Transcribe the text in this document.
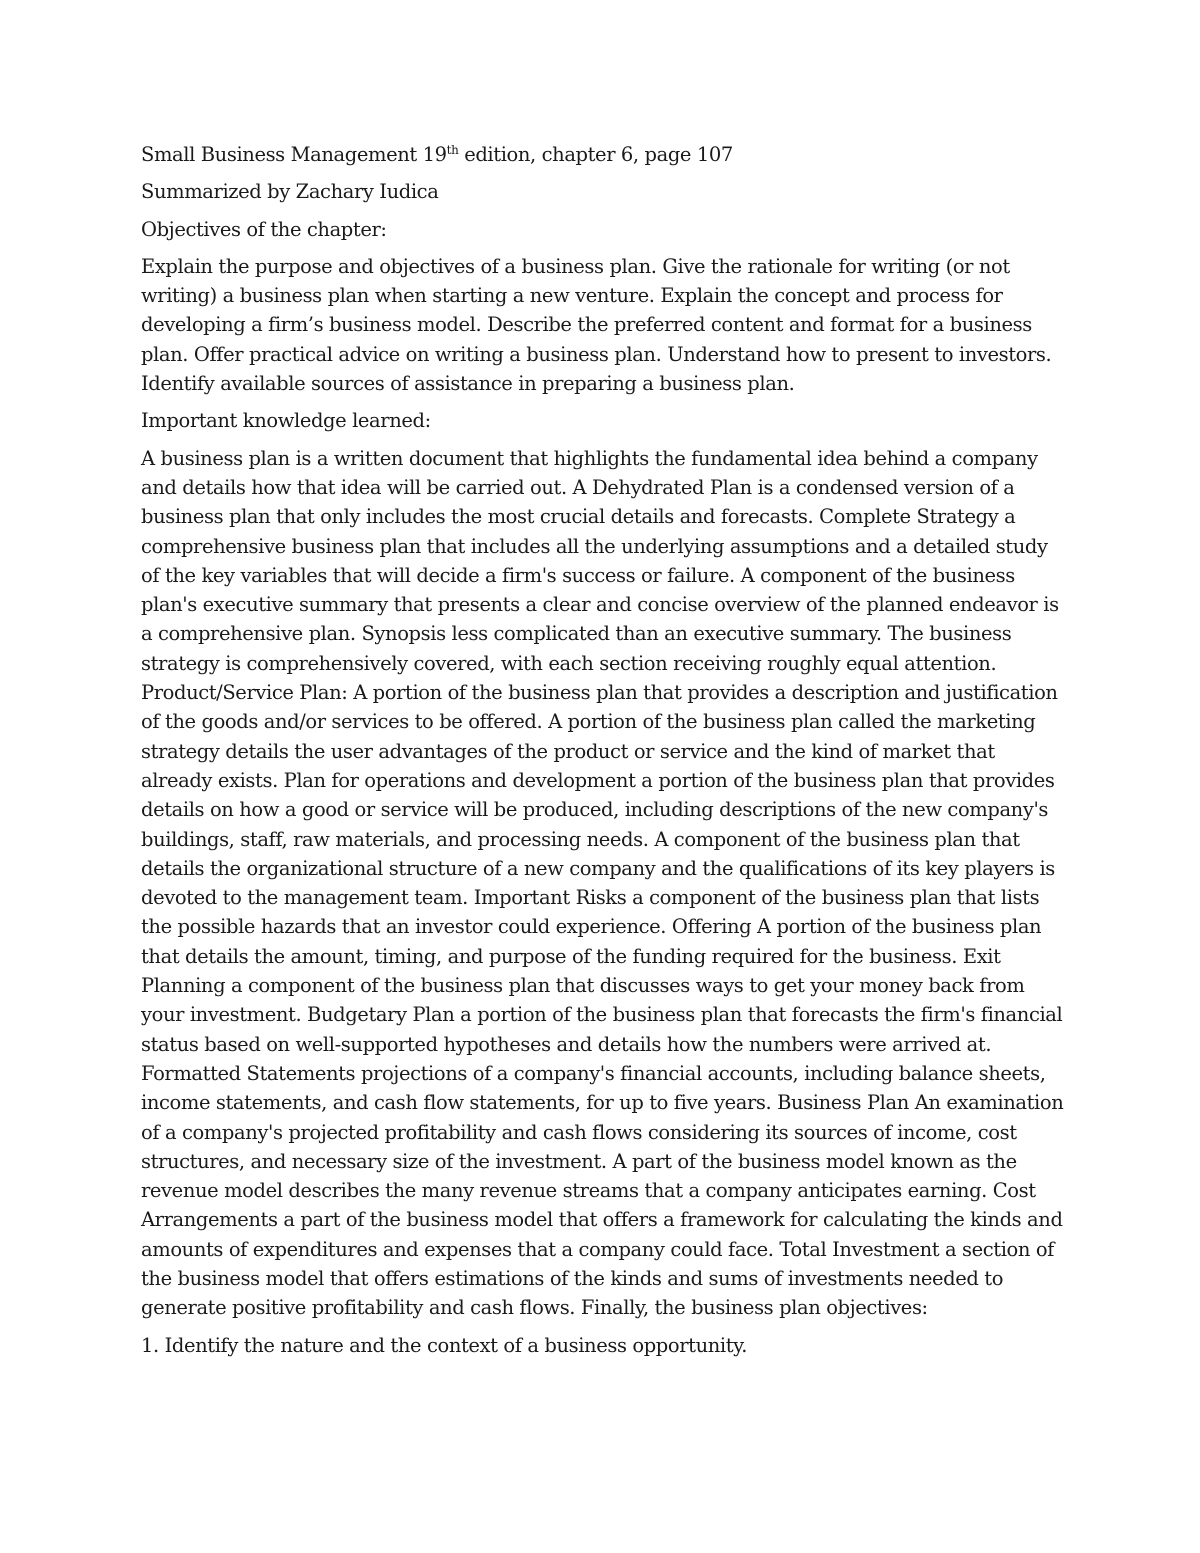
Small Business Management 19th edition, chapter 6, page 107

Summarized by Zachary Iudica

Objectives of the chapter:

Explain the purpose and objectives of a business plan. Give the rationale for writing (or not writing) a business plan when starting a new venture. Explain the concept and process for developing a firm’s business model. Describe the preferred content and format for a business plan. Offer practical advice on writing a business plan. Understand how to present to investors. Identify available sources of assistance in preparing a business plan.

Important knowledge learned:

A business plan is a written document that highlights the fundamental idea behind a company and details how that idea will be carried out. A Dehydrated Plan is a condensed version of a business plan that only includes the most crucial details and forecasts. Complete Strategy a comprehensive business plan that includes all the underlying assumptions and a detailed study of the key variables that will decide a firm's success or failure. A component of the business plan's executive summary that presents a clear and concise overview of the planned endeavor is a comprehensive plan. Synopsis less complicated than an executive summary. The business strategy is comprehensively covered, with each section receiving roughly equal attention. Product/Service Plan: A portion of the business plan that provides a description and justification of the goods and/or services to be offered. A portion of the business plan called the marketing strategy details the user advantages of the product or service and the kind of market that already exists. Plan for operations and development a portion of the business plan that provides details on how a good or service will be produced, including descriptions of the new company's buildings, staff, raw materials, and processing needs. A component of the business plan that details the organizational structure of a new company and the qualifications of its key players is devoted to the management team. Important Risks a component of the business plan that lists the possible hazards that an investor could experience. Offering A portion of the business plan that details the amount, timing, and purpose of the funding required for the business. Exit Planning a component of the business plan that discusses ways to get your money back from your investment. Budgetary Plan a portion of the business plan that forecasts the firm's financial status based on well-supported hypotheses and details how the numbers were arrived at. Formatted Statements projections of a company's financial accounts, including balance sheets, income statements, and cash flow statements, for up to five years. Business Plan An examination of a company's projected profitability and cash flows considering its sources of income, cost structures, and necessary size of the investment. A part of the business model known as the revenue model describes the many revenue streams that a company anticipates earning. Cost Arrangements a part of the business model that offers a framework for calculating the kinds and amounts of expenditures and expenses that a company could face. Total Investment a section of the business model that offers estimations of the kinds and sums of investments needed to generate positive profitability and cash flows. Finally, the business plan objectives:

1. Identify the nature and the context of a business opportunity.
